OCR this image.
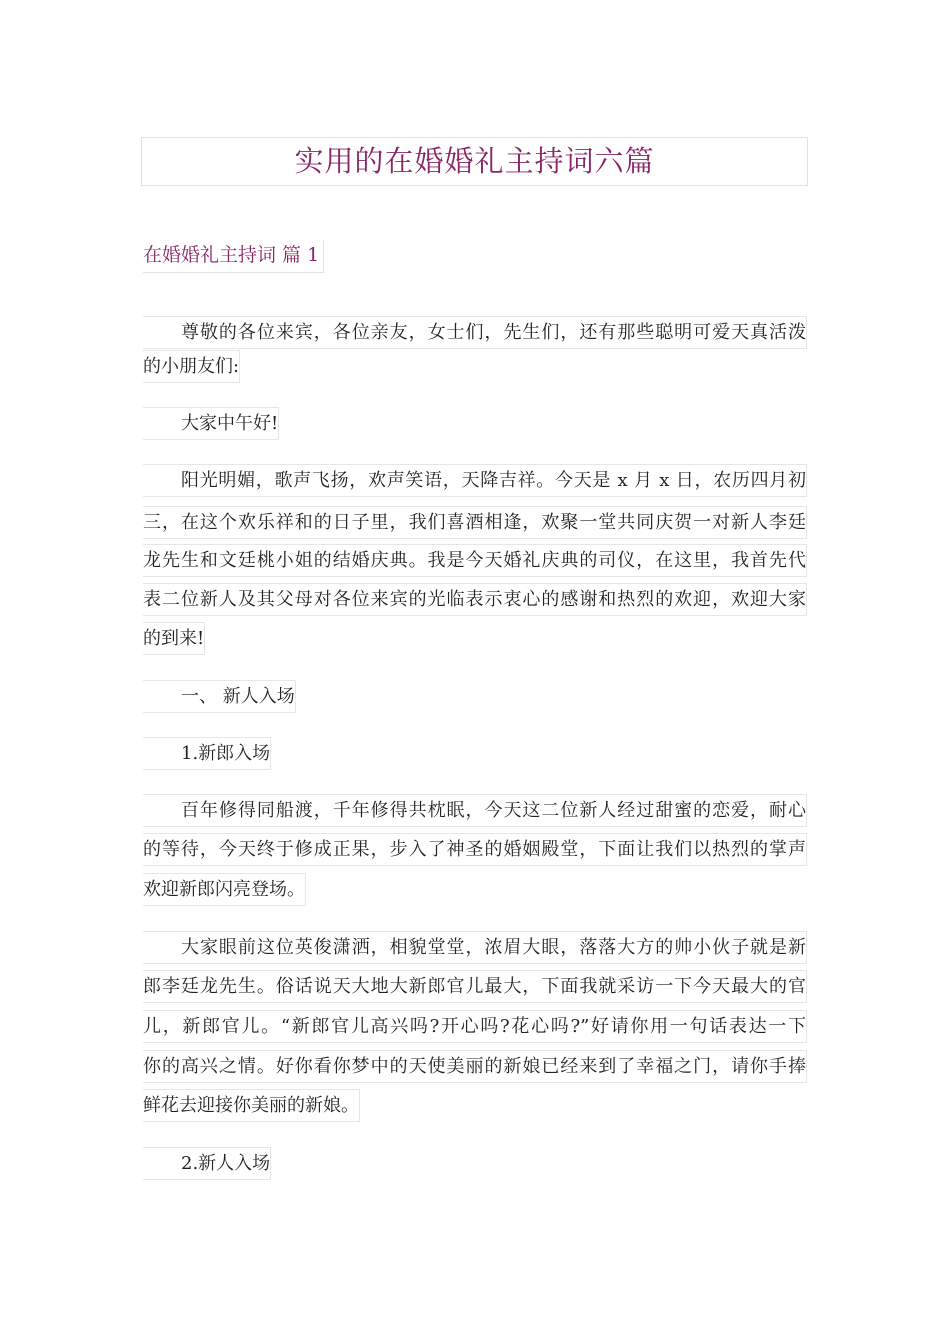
实用的在婚婚礼主持词六篇
在婚婚礼主持词 篇 1
尊敬的各位来宾，各位亲友，女士们，先生们，还有那些聪明可爱天真活泼
的小朋友们:
大家中午好!
阳光明媚，歌声飞扬，欢声笑语，天降吉祥。今天是 x 月 x 日，农历四月初
三，在这个欢乐祥和的日子里，我们喜酒相逢，欢聚一堂共同庆贺一对新人李廷
龙先生和文廷桃小姐的结婚庆典。我是今天婚礼庆典的司仪，在这里，我首先代
表二位新人及其父母对各位来宾的光临表示衷心的感谢和热烈的欢迎，欢迎大家
的到来!
一、 新人入场
1.新郎入场
百年修得同船渡，千年修得共枕眠，今天这二位新人经过甜蜜的恋爱，耐心
的等待，今天终于修成正果，步入了神圣的婚姻殿堂，下面让我们以热烈的掌声
欢迎新郎闪亮登场。
大家眼前这位英俊潇洒，相貌堂堂，浓眉大眼，落落大方的帅小伙子就是新
郎李廷龙先生。俗话说天大地大新郎官儿最大，下面我就采访一下今天最大的官
儿，新郎官儿。“新郎官儿高兴吗?开心吗?花心吗?”好请你用一句话表达一下
你的高兴之情。好你看你梦中的天使美丽的新娘已经来到了幸福之门，请你手捧
鲜花去迎接你美丽的新娘。
2.新人入场
